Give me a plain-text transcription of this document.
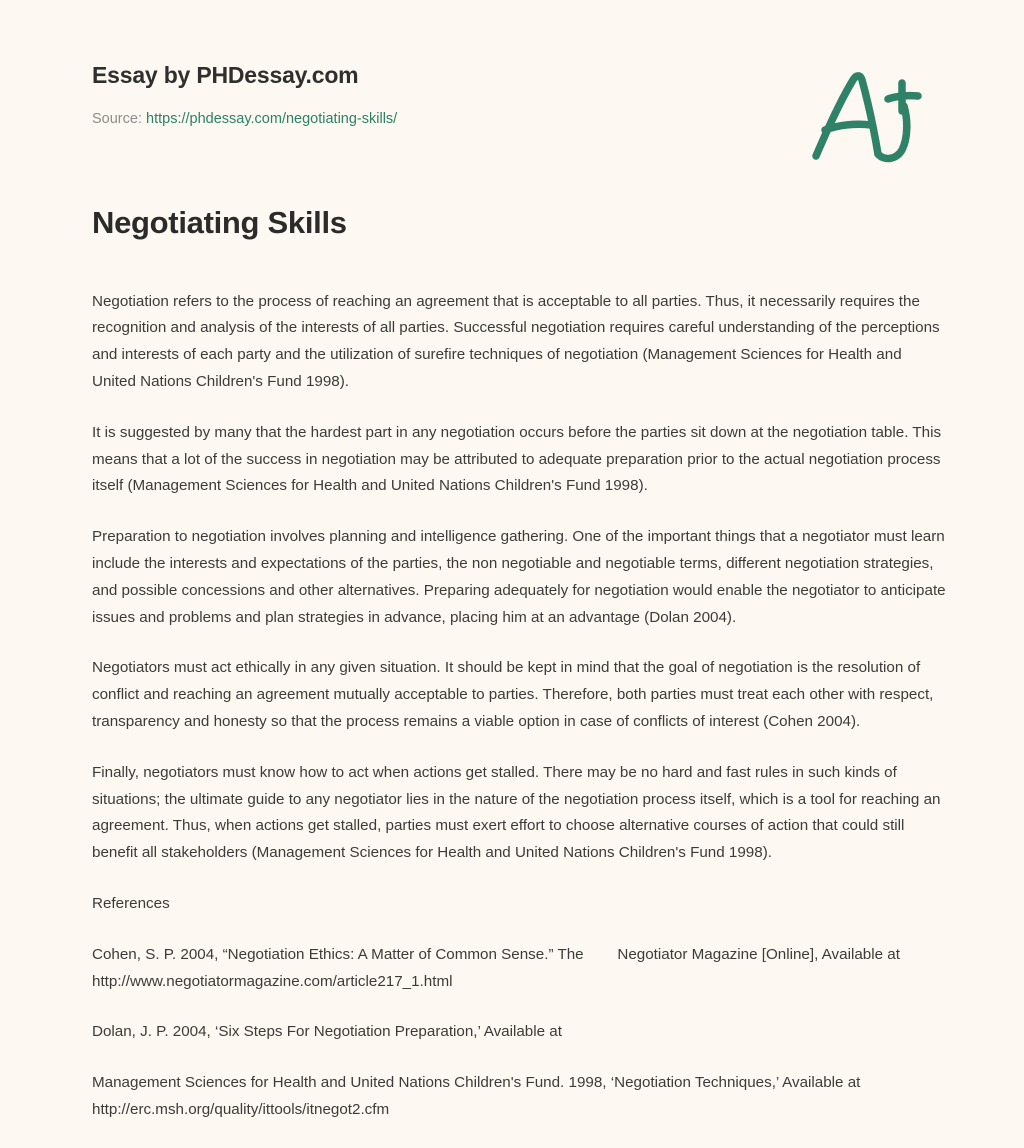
Essay by PHDessay.com
Source: https://phdessay.com/negotiating-skills/
Negotiating Skills

Negotiation refers to the process of reaching an agreement that is acceptable to all parties. Thus, it necessarily requires the recognition and analysis of the interests of all parties. Successful negotiation requires careful understanding of the perceptions and interests of each party and the utilization of surefire techniques of negotiation (Management Sciences for Health and United Nations Children's Fund 1998).

It is suggested by many that the hardest part in any negotiation occurs before the parties sit down at the negotiation table. This means that a lot of the success in negotiation may be attributed to adequate preparation prior to the actual negotiation process itself (Management Sciences for Health and United Nations Children's Fund 1998).

Preparation to negotiation involves planning and intelligence gathering. One of the important things that a negotiator must learn include the interests and expectations of the parties, the non negotiable and negotiable terms, different negotiation strategies, and possible concessions and other alternatives. Preparing adequately for negotiation would enable the negotiator to anticipate issues and problems and plan strategies in advance, placing him at an advantage (Dolan 2004).

Negotiators must act ethically in any given situation. It should be kept in mind that the goal of negotiation is the resolution of conflict and reaching an agreement mutually acceptable to parties. Therefore, both parties must treat each other with respect, transparency and honesty so that the process remains a viable option in case of conflicts of interest (Cohen 2004).

Finally, negotiators must know how to act when actions get stalled. There may be no hard and fast rules in such kinds of situations; the ultimate guide to any negotiator lies in the nature of the negotiation process itself, which is a tool for reaching an agreement. Thus, when actions get stalled, parties must exert effort to choose alternative courses of action that could still benefit all stakeholders (Management Sciences for Health and United Nations Children's Fund 1998).

References

Cohen, S. P. 2004, “Negotiation Ethics: A Matter of Common Sense.” The        Negotiator Magazine [Online], Available at   http://www.negotiatormagazine.com/article217_1.html

Dolan, J. P. 2004, ‘Six Steps For Negotiation Preparation,’ Available at

Management Sciences for Health and United Nations Children's Fund. 1998, ‘Negotiation Techniques,’ Available at http://erc.msh.org/quality/ittools/itnegot2.cfm
